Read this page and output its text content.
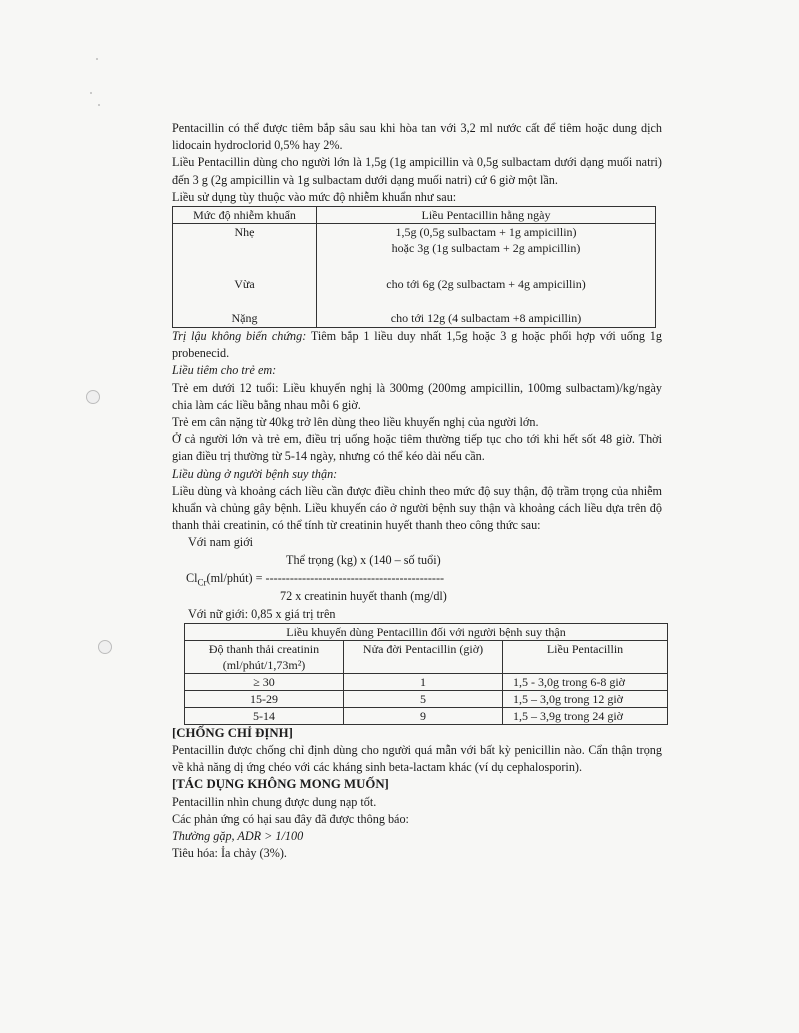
Pentacillin có thể được tiêm bắp sâu sau khi hòa tan với 3,2 ml nước cất để tiêm hoặc dung dịch lidocain hydroclorid 0,5% hay 2%.

Liều Pentacillin dùng cho người lớn là 1,5g (1g ampicillin và 0,5g sulbactam dưới dạng muối natri) đến 3 g (2g ampicillin và 1g sulbactam dưới dạng muối natri) cứ 6 giờ một lần.

Liều sử dụng tùy thuộc vào mức độ nhiễm khuẩn như sau:

Mức độ nhiễm khuẩn	Liều Pentacillin hằng ngày
Nhẹ	1,5g (0,5g sulbactam + 1g ampicillin)
hoặc 3g (1g sulbactam + 2g ampicillin)

Vừa	cho tới 6g (2g sulbactam + 4g ampicillin)

Nặng	cho tới 12g (4 sulbactam +8 ampicillin)

Trị lậu không biến chứng: Tiêm bắp 1 liều duy nhất 1,5g hoặc 3 g hoặc phối hợp với uống 1g probenecid.

Liều tiêm cho trẻ em:

Trẻ em dưới 12 tuổi: Liều khuyến nghị là 300mg (200mg ampicillin, 100mg sulbactam)/kg/ngày chia làm các liều bằng nhau mỗi 6 giờ.

Trẻ em cân nặng từ 40kg trở lên dùng theo liều khuyến nghị của người lớn.

Ở cả người lớn và trẻ em, điều trị uống hoặc tiêm thường tiếp tục cho tới khi hết sốt 48 giờ. Thời gian điều trị thường từ 5-14 ngày, nhưng có thể kéo dài nếu cần.

Liều dùng ở người bệnh suy thận:

Liều dùng và khoảng cách liều cần được điều chỉnh theo mức độ suy thận, độ trầm trọng của nhiễm khuẩn và chủng gây bệnh. Liều khuyến cáo ở người bệnh suy thận và khoảng cách liều dựa trên độ thanh thải creatinin, có thể tính từ creatinin huyết thanh theo công thức sau:

Với nam giới

Thể trọng (kg) x (140 – số tuổi)
$Cl_{Cr}(ml/phút)$ = --------------------------------------------
72 x creatinin huyết thanh (mg/dl)

Với nữ giới: 0,85 x giá trị trên

Liều khuyến dùng Pentacillin đối với người bệnh suy thận		

Độ thanh thải creatinin
(ml/phút/1,73m²)	Nửa đời Pentacillin (giờ)	Liều Pentacillin
≥ 30	1	1,5 - 3,0g trong 6-8 giờ
15-29	5	1,5 – 3,0g trong 12 giờ
5-14	9	1,5 – 3,9g trong 24 giờ

[CHỐNG CHỈ ĐỊNH]

Pentacillin được chống chỉ định dùng cho người quá mẫn với bất kỳ penicillin nào. Cẩn thận trọng về khả năng dị ứng chéo với các kháng sinh beta-lactam khác (ví dụ cephalosporin).

[TÁC DỤNG KHÔNG MONG MUỐN]

Pentacillin nhìn chung được dung nạp tốt.

Các phản ứng có hại sau đây đã được thông báo:

Thường gặp, ADR > 1/100

Tiêu hóa: Ỉa chảy (3%).
